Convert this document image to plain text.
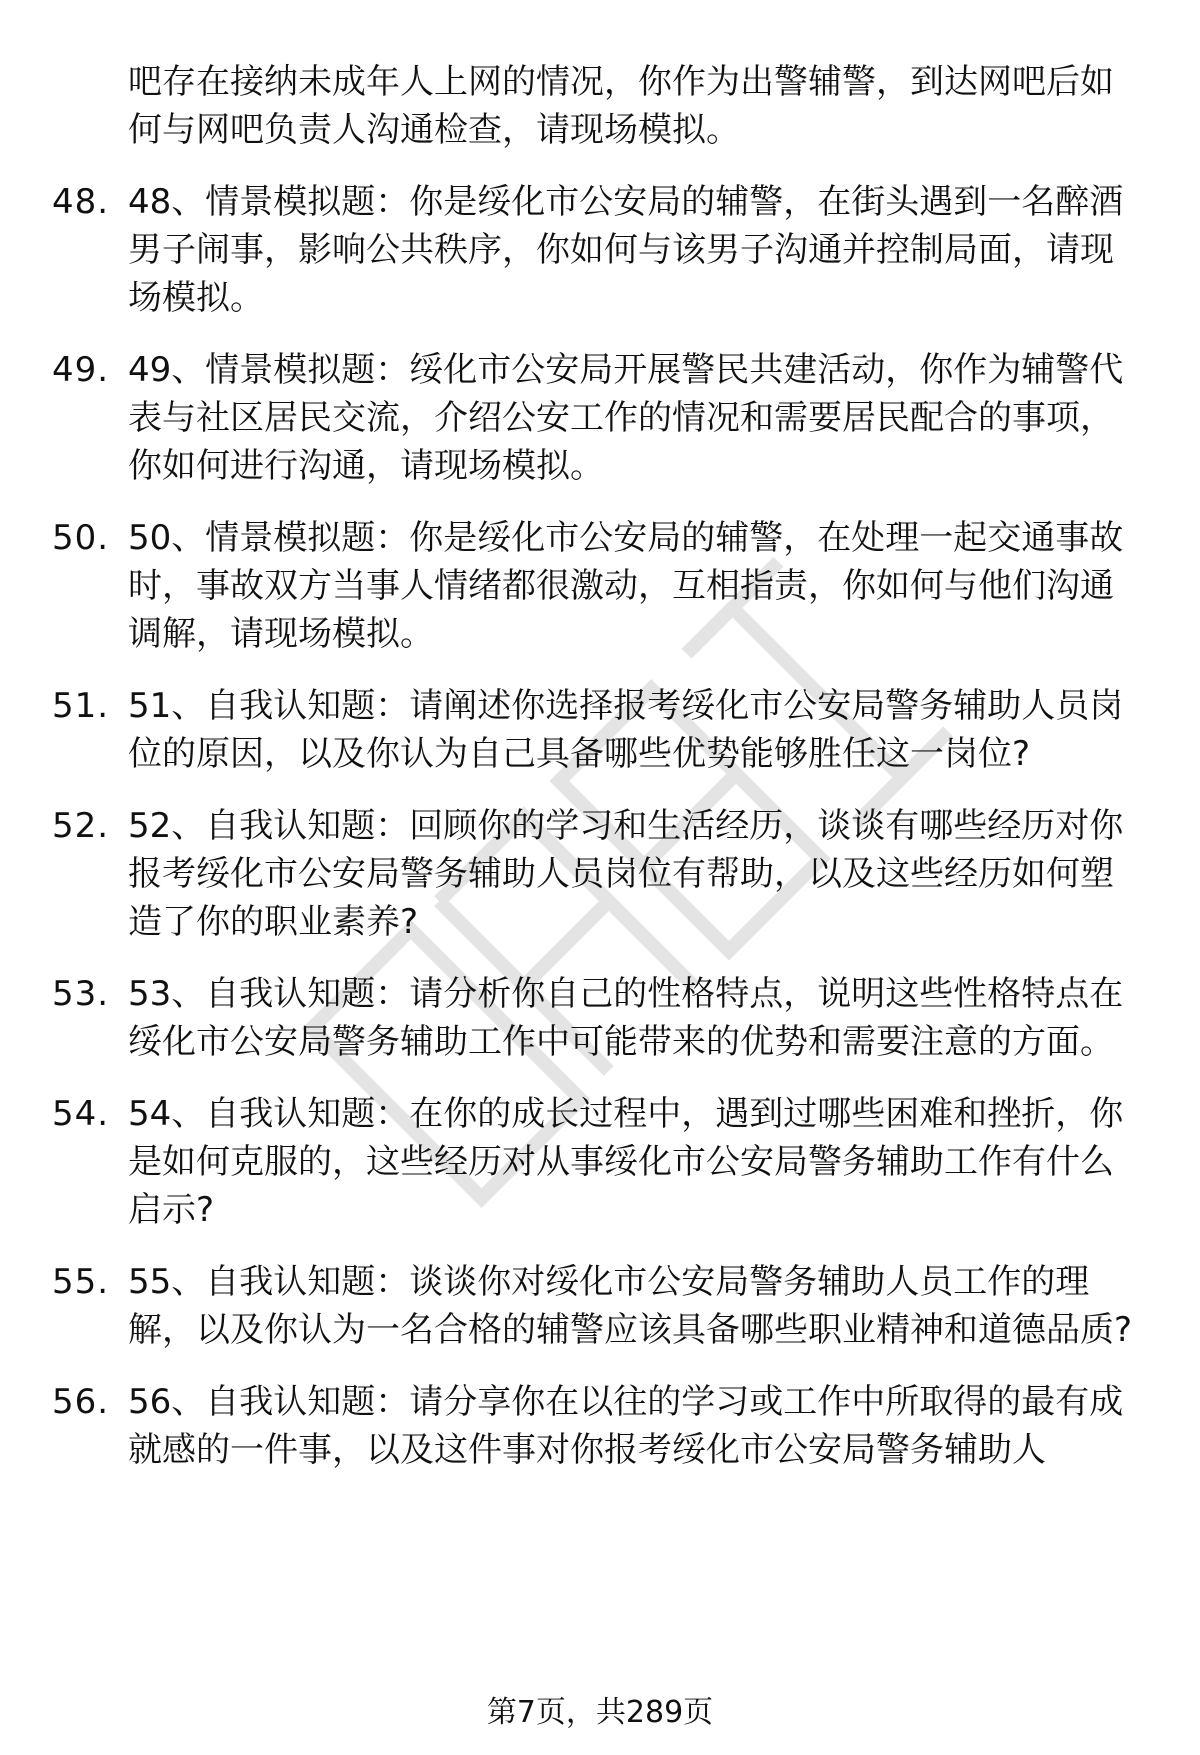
吧存在接纳未成年人上网的情况，你作为出警辅警，到达网吧后如何与网吧负责人沟通检查，请现场模拟。
48. 48、情景模拟题：你是绥化市公安局的辅警，在街头遇到一名醉酒男子闹事，影响公共秩序，你如何与该男子沟通并控制局面，请现场模拟。
49. 49、情景模拟题：绥化市公安局开展警民共建活动，你作为辅警代表与社区居民交流，介绍公安工作的情况和需要居民配合的事项，你如何进行沟通，请现场模拟。
50. 50、情景模拟题：你是绥化市公安局的辅警，在处理一起交通事故时，事故双方当事人情绪都很激动，互相指责，你如何与他们沟通调解，请现场模拟。
51. 51、自我认知题：请阐述你选择报考绥化市公安局警务辅助人员岗位的原因，以及你认为自己具备哪些优势能够胜任这一岗位?
52. 52、自我认知题：回顾你的学习和生活经历，谈谈有哪些经历对你报考绥化市公安局警务辅助人员岗位有帮助，以及这些经历如何塑造了你的职业素养?
53. 53、自我认知题：请分析你自己的性格特点，说明这些性格特点在绥化市公安局警务辅助工作中可能带来的优势和需要注意的方面。
54. 54、自我认知题：在你的成长过程中，遇到过哪些困难和挫折，你是如何克服的，这些经历对从事绥化市公安局警务辅助工作有什么启示?
55. 55、自我认知题：谈谈你对绥化市公安局警务辅助人员工作的理解，以及你认为一名合格的辅警应该具备哪些职业精神和道德品质?
56. 56、自我认知题：请分享你在以往的学习或工作中所取得的最有成就感的一件事，以及这件事对你报考绥化市公安局警务辅助人
第7页，共289页
